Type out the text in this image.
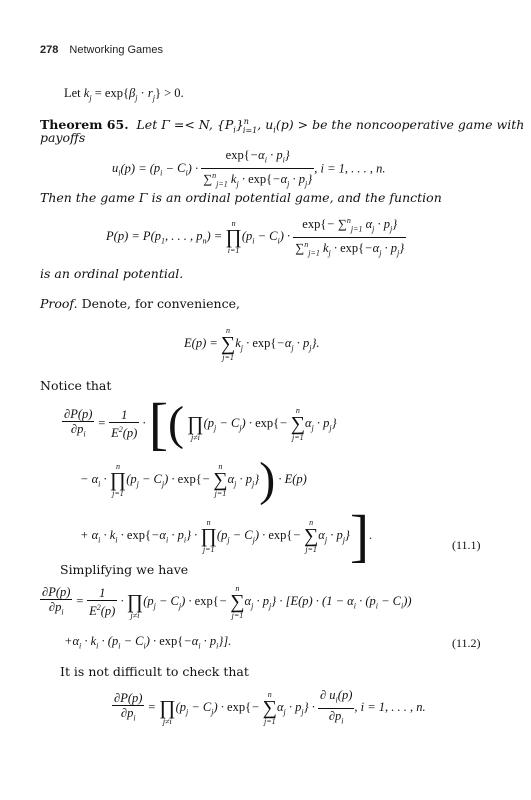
278 Networking Games
Let $k_j = \exp\{\beta_j \cdot r_j\} > 0$.
Theorem 65.  Let Γ =< N, $\{P_i\}^n_{i=1}$, $u_i(p)$ > be the noncooperative game with
payoffs
$u_i(p) = (p_i - C_i) \cdot \frac{\exp\{-\alpha_i \cdot p_i\}}{\sum^n_{j=1} k_j \cdot \exp\{-\alpha_j \cdot p_j\}}$ , i = 1, . . . , n.
Then the game Γ is an ordinal potential game, and the function
$P(p) = P(p_1$, . . . , $p_n$) =
n
∏
i=1
$(p_i - C_i) \cdot \frac{\exp\{- \sum^n_{j=1} \alpha_j \cdot p_j\}}{\sum^n_{j=1} k_j \cdot \exp\{-\alpha_j \cdot p_j\}}$
is an ordinal potential.
Proof. Denote, for convenience,
E(p) =
n
∑
j=1
$k_j \cdot \exp\{-\alpha_j \cdot p_j\}$.
Notice that
$\frac{\partial P(p)}{\partial p_i} = \frac{1}{E^2(p)}$ · [(
∏
j≠i
$(p_j - C_j) \cdot \exp\{-$
n
∑
j=1
$\alpha_j \cdot p_j$}
− $\alpha_i$ ·
n
∏
j=1
$(p_j - C_j) \cdot \exp\{-$
n
∑
j=1
$\alpha_j \cdot p_j\}) \cdot E(p)$
+ $\alpha_i \cdot k_i \cdot \exp\{-\alpha_i \cdot p_i\}$ ·
n
∏
j=1
$(p_j - C_j) \cdot \exp\{-$
n
∑
j=1
$\alpha_j \cdot p_j$}].
(11.1)
Simplifying we have
$\frac{\partial P(p)}{\partial p_i} = \frac{1}{E^2(p)}$ ·
∏
j≠i
$(p_j - C_j) \cdot \exp\{-$
n
∑
j=1
$\alpha_j \cdot p_j\} \cdot [E(p) \cdot (1 - \alpha_i \cdot (p_i - C_i))$
$+\alpha_i \cdot k_i \cdot (p_i - C_i) \cdot \exp\{-\alpha_i \cdot p_i\}$].	(11.2)
It is not difficult to check that
$\frac{\partial P(p)}{\partial p_i}$ =
∏
j≠i
$(p_j - C_j) \cdot \exp\{-$
n
∑
j=1
$\alpha_j \cdot p_j\} \cdot \frac{\partial u_i(p)}{\partial p_i}$ , i = 1, . . . , n.
